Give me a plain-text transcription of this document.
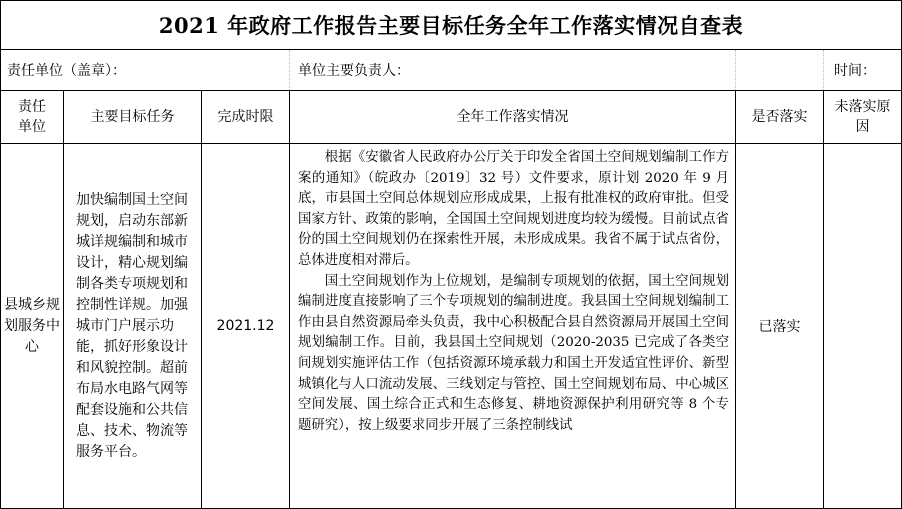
2021 年政府工作报告主要目标任务全年工作落实情况自查表					
责任单位（盖章）：			单位主要负责人：		时间：
责任单位	主要目标任务	完成时限	全年工作落实情况	是否落实	未落实原因
县城乡规划服务中心	加快编制国土空间规划，启动东部新城详规编制和城市设计，精心规划编制各类专项规划和控制性详规。加强城市门户展示功能，抓好形象设计和风貌控制。超前布局水电路气网等配套设施和公共信息、技术、物流等服务平台。	2021.12	根据《安徽省人民政府办公厅关于印发全省国土空间规划编制工作方案的通知》（皖政办〔2019〕32 号）文件要求，原计划 2020 年 9 月底，市县国土空间总体规划应形成成果，上报有批准权的政府审批。但受国家方针、政策的影响，全国国土空间规划进度均较为缓慢。目前试点省份的国土空间规划仍在探索性开展，未形成成果。我省不属于试点省份，总体进度相对滞后。

国土空间规划作为上位规划，是编制专项规划的依据，国土空间规划编制进度直接影响了三个专项规划的编制进度。我县国土空间规划编制工作由县自然资源局牵头负责，我中心积极配合县自然资源局开展国土空间规划编制工作。目前，我县国土空间规划（2020-2035 已完成了各类空间规划实施评估工作（包括资源环境承载力和国土开发适宜性评价、新型城镇化与人口流动发展、三线划定与管控、国土空间规划布局、中心城区空间发展、国土综合正式和生态修复、耕地资源保护利用研究等 8 个专题研究），按上级要求同步开展了三条控制线试	已落实	
